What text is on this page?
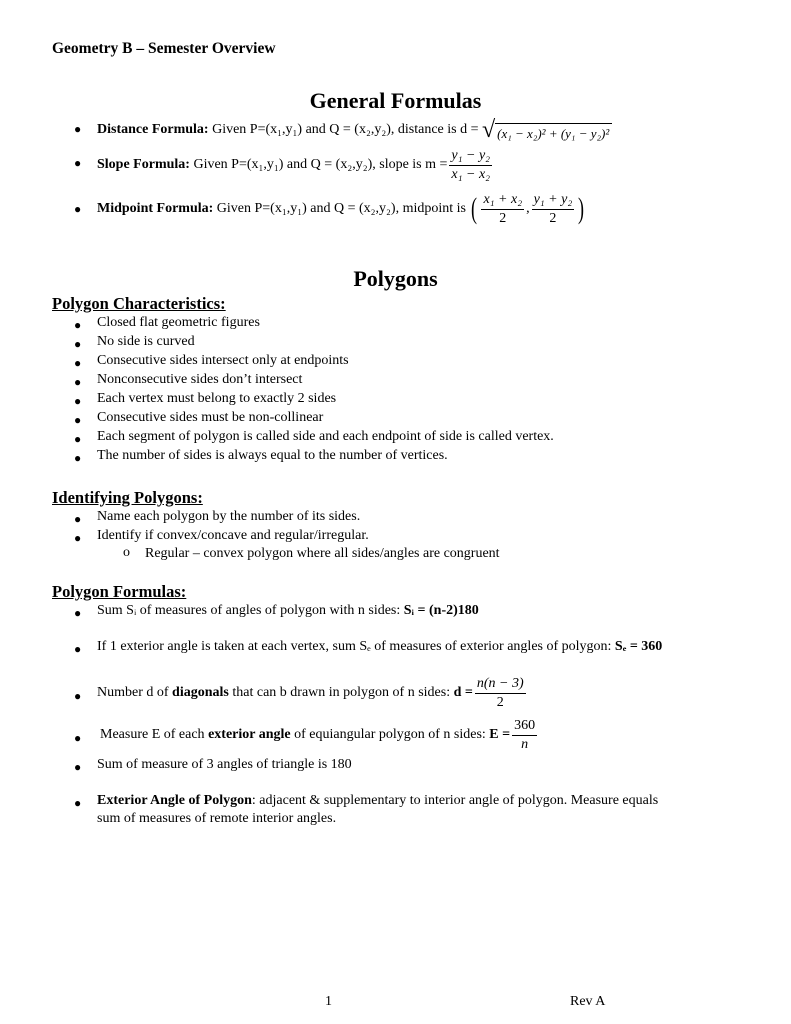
Geometry B – Semester Overview
General Formulas
● Distance Formula:
Given P=(x₁,y₁) and Q = (x₂,y₂), distance is d =
√ (x₁ − x₂)² + (y₁ − y₂)²
● Slope Formula:
Given P=(x₁,y₁) and Q = (x₂,y₂), slope is $m = \frac{\text{y₁ − y₂}}{\text{x₁ − x₂}}$
● Midpoint Formula:
Given P=(x₁,y₁) and Q = (x₂,y₂), midpoint is
( $\frac{\text{x₁ + x₂}}{2}$ , $\frac{\text{y₁ + y₂}}{2}$ )
Polygons
Polygon Characteristics:
● Closed flat geometric figures
● No side is curved
● Consecutive sides intersect only at endpoints
● Nonconsecutive sides don’t intersect
● Each vertex must belong to exactly 2 sides
● Consecutive sides must be non-collinear
● Each segment of polygon is called side and each endpoint of side is called vertex.
● The number of sides is always equal to the number of vertices.
Identifying Polygons:
● Name each polygon by the number of its sides.
● Identify if convex/concave and regular/irregular.
o Regular – convex polygon where all sides/angles are congruent
Polygon Formulas:
● Sum Sᵢ of measures of angles of polygon with n sides: Sᵢ = (n-2)180
● If 1 exterior angle is taken at each vertex, sum Sₑ of measures of exterior angles of polygon: Sₑ = 360
● Number d of
diagonals
that can b drawn in polygon of n sides:
$d = \frac{n(n - 3)}{2}$
● Measure E of each
exterior angle
of equiangular polygon of n sides:
$E = \frac{360}{n}$
● Sum of measure of 3 angles of triangle is 180
● Exterior Angle of Polygon: adjacent & supplementary to interior angle of polygon. Measure equals
sum of measures of remote interior angles.
1	Rev A
